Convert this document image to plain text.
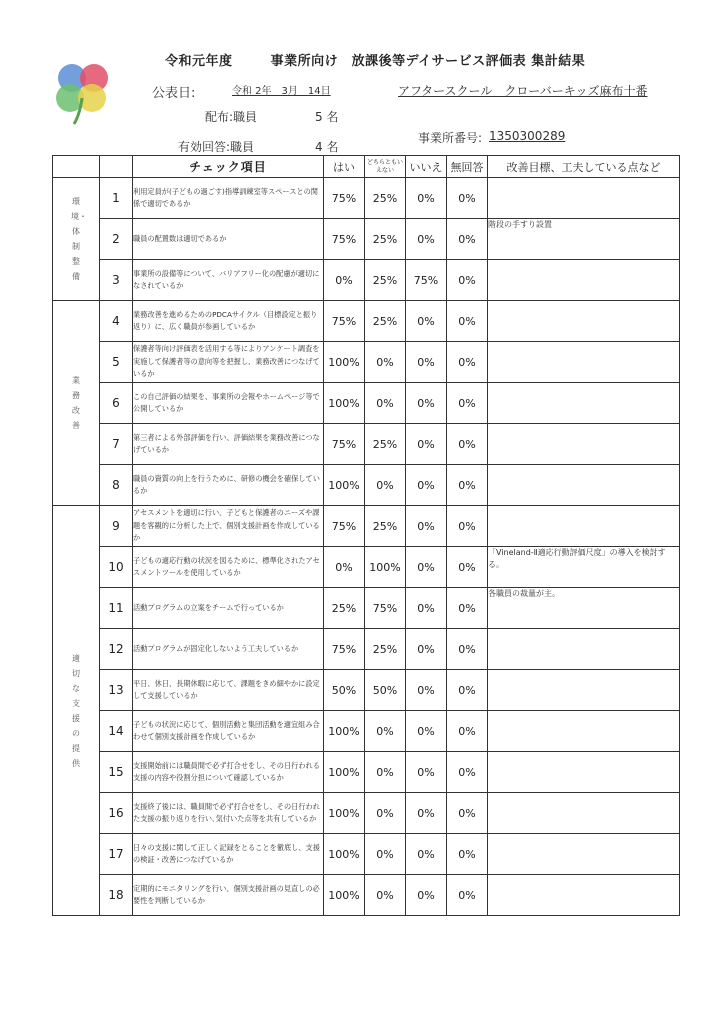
令和元年度	事業所向け　放課後等デイサービス評価表 集計結果
公表日:	令和 2年　3月　14日	アフタースクール　クローバーキッズ麻布十番
配布:職員	5 名
有効回答:職員	4 名
事業所番号: 1350300289
		チェック項目	はい	どちらともいえない	いいえ	無回答	改善目標、工夫している点など

環境・体制整備	1	利用定員が(子どもの過ごす)指導訓練室等スペースとの関係で適切であるか	75%	25%	0%	0%	
	2	職員の配置数は適切であるか	75%	25%	0%	0%	階段の手すり設置
	3	事業所の設備等について、バリアフリー化の配慮が適切になされているか	0%	25%	75%	0%	

業務改善	4	業務改善を進めるためのPDCAサイクル（目標設定と振り返り）に、広く職員が参画しているか	75%	25%	0%	0%	
	5	保護者等向け評価表を活用する等によりアンケート調査を実施して保護者等の意向等を把握し、業務改善につなげているか	100%	0%	0%	0%	
	6	この自己評価の結果を、事業所の会報やホームページ等で公開しているか	100%	0%	0%	0%	
	7	第三者による外部評価を行い、評価結果を業務改善につなげているか	75%	25%	0%	0%	
	8	職員の資質の向上を行うために、研修の機会を確保しているか	100%	0%	0%	0%	

適切な支援の提供	9	アセスメントを適切に行い、子どもと保護者のニーズや課題を客観的に分析した上で、個別支援計画を作成しているか	75%	25%	0%	0%	
	10	子どもの適応行動の状況を図るために、標準化されたアセスメントツールを使用しているか	0%	100%	0%	0%	「Vineland-Ⅱ適応行動評価尺度」の導入を検討する。
	11	活動プログラムの立案をチームで行っているか	25%	75%	0%	0%	各職員の裁量が主。
	12	活動プログラムが固定化しないよう工夫しているか	75%	25%	0%	0%	
	13	平日、休日、長期休暇に応じて、課題をきめ細やかに設定して支援しているか	50%	50%	0%	0%	
	14	子どもの状況に応じて、個別活動と集団活動を適宜組み合わせて個別支援計画を作成しているか	100%	0%	0%	0%	
	15	支援開始前には職員間で必ず打合せをし、その日行われる支援の内容や役割分担について確認しているか	100%	0%	0%	0%	
	16	支援終了後には、職員間で必ず打合せをし、その日行われた支援の振り返りを行い､気付いた点等を共有しているか	100%	0%	0%	0%	
	17	日々の支援に関して正しく記録をとることを徹底し、支援の検証・改善につなげているか	100%	0%	0%	0%	
	18	定期的にモニタリングを行い、個別支援計画の見直しの必要性を判断しているか	100%	0%	0%	0%	
